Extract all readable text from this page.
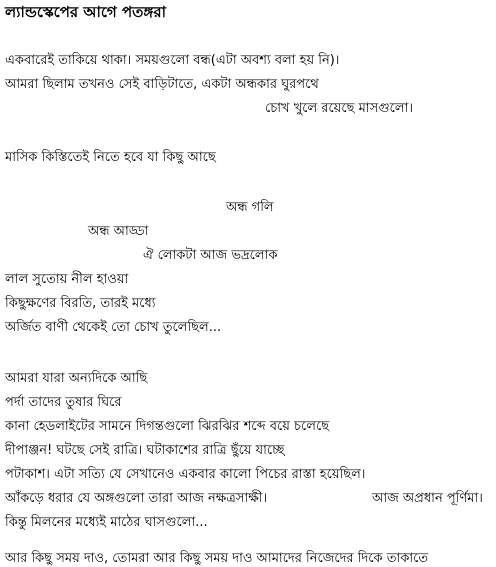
ল্যান্ডস্কেপের আগে পতঙ্গরা
একবারেই তাকিয়ে থাকা। সময়গুলো বন্ধ(এটা অবশ্য বলা হয় নি)।
আমরা ছিলাম তখনও সেই বাড়িটাতে, একটা অন্ধকার ঘুরপথে
চোখ খুলে রয়েছে মাসগুলো।
মাসিক কিস্তিতেই নিতে হবে যা কিছু আছে
অন্ধ গলি
অন্ধ আড্ডা
ঐ লোকটা আজ ভদ্রলোক
লাল সুতোয় নীল হাওয়া
কিছুক্ষণের বিরতি, তারই মধ্যে
অর্জিত বাণী থেকেই তো চোখ তুলেছিল...
আমরা যারা অন্যদিকে আছি
পর্দা তাদের তুষার ঘিরে
কানা হেডলাইটের সামনে দিগন্তগুলো ঝিরঝির শব্দে বয়ে চলেছে
দীপাঞ্জন! ঘটছে সেই রাত্রি। ঘটাকাশের রাত্রি ছুঁয়ে যাচ্ছে
পটাকাশ। এটা সত্যি যে সেখানেও একবার কালো পিচের রাস্তা হয়েছিল।
আঁকড়ে ধরার যে অঙ্গগুলো তারা আজ নক্ষত্রসাক্ষী।	আজ অপ্রধান পূর্ণিমা।
কিন্তু মিলনের মধ্যেই মাঠের ঘাসগুলো...
আর কিছু সময় দাও, তোমরা আর কিছু সময় দাও আমাদের নিজেদের দিকে তাকাতে
